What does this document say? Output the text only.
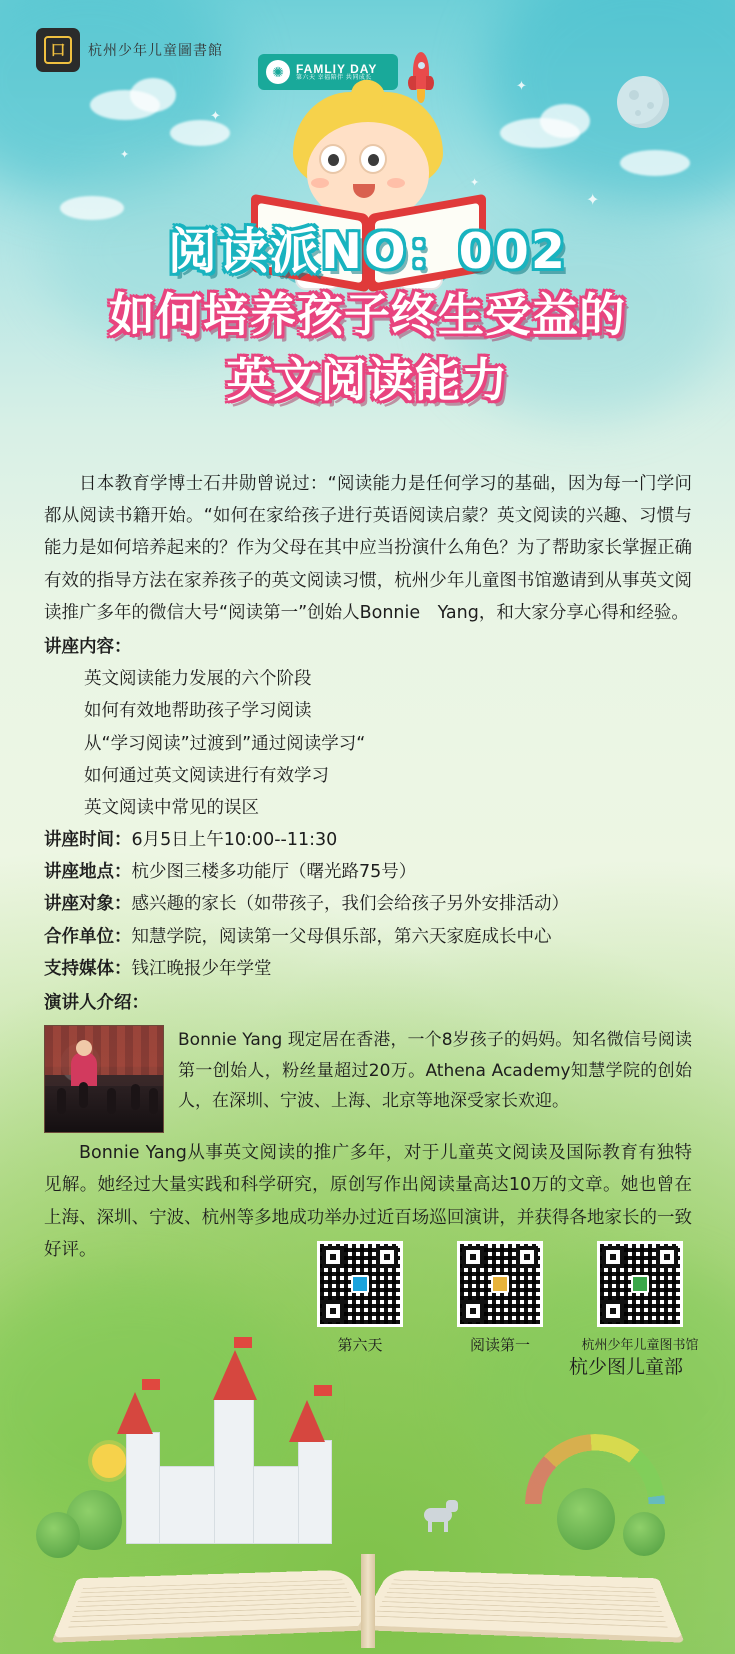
✦
✦
✦
✦
✦
口	杭州少年儿童圖書館
✺	FAMLIY DAY
第六天 幸福陪伴 共同成长
阅读派NO：002
如何培养孩子终生受益的
英文阅读能力
日本教育学博士石井勋曾说过：“阅读能力是任何学习的基础，因为每一门学问都从阅读书籍开始。“如何在家给孩子进行英语阅读启蒙？英文阅读的兴趣、习惯与能力是如何培养起来的？作为父母在其中应当扮演什么角色？为了帮助家长掌握正确有效的指导方法在家养孩子的英文阅读习惯，杭州少年儿童图书馆邀请到从事英文阅读推广多年的微信大号“阅读第一”创始人Bonnie　Yang，和大家分享心得和经验。
讲座内容：
英文阅读能力发展的六个阶段
如何有效地帮助孩子学习阅读
从“学习阅读”过渡到”通过阅读学习“
如何通过英文阅读进行有效学习
英文阅读中常见的误区
讲座时间：6月5日上午10:00--11:30
讲座地点：杭少图三楼多功能厅（曙光路75号）
讲座对象：感兴趣的家长（如带孩子，我们会给孩子另外安排活动）
合作单位：知慧学院，阅读第一父母俱乐部，第六天家庭成长中心
支持媒体：钱江晚报少年学堂
演讲人介绍：
Bonnie Yang 现定居在香港，一个8岁孩子的妈妈。知名微信号阅读第一创始人，粉丝量超过20万。Athena Academy知慧学院的创始人，在深圳、宁波、上海、北京等地深受家长欢迎。
Bonnie Yang从事英文阅读的推广多年，对于儿童英文阅读及国际教育有独特见解。她经过大量实践和科学研究，原创写作出阅读量高达10万的文章。她也曾在上海、深圳、宁波、杭州等多地成功举办过近百场巡回演讲，并获得各地家长的一致好评。
第六天	阅读第一	杭州少年儿童图书馆
杭少图儿童部
